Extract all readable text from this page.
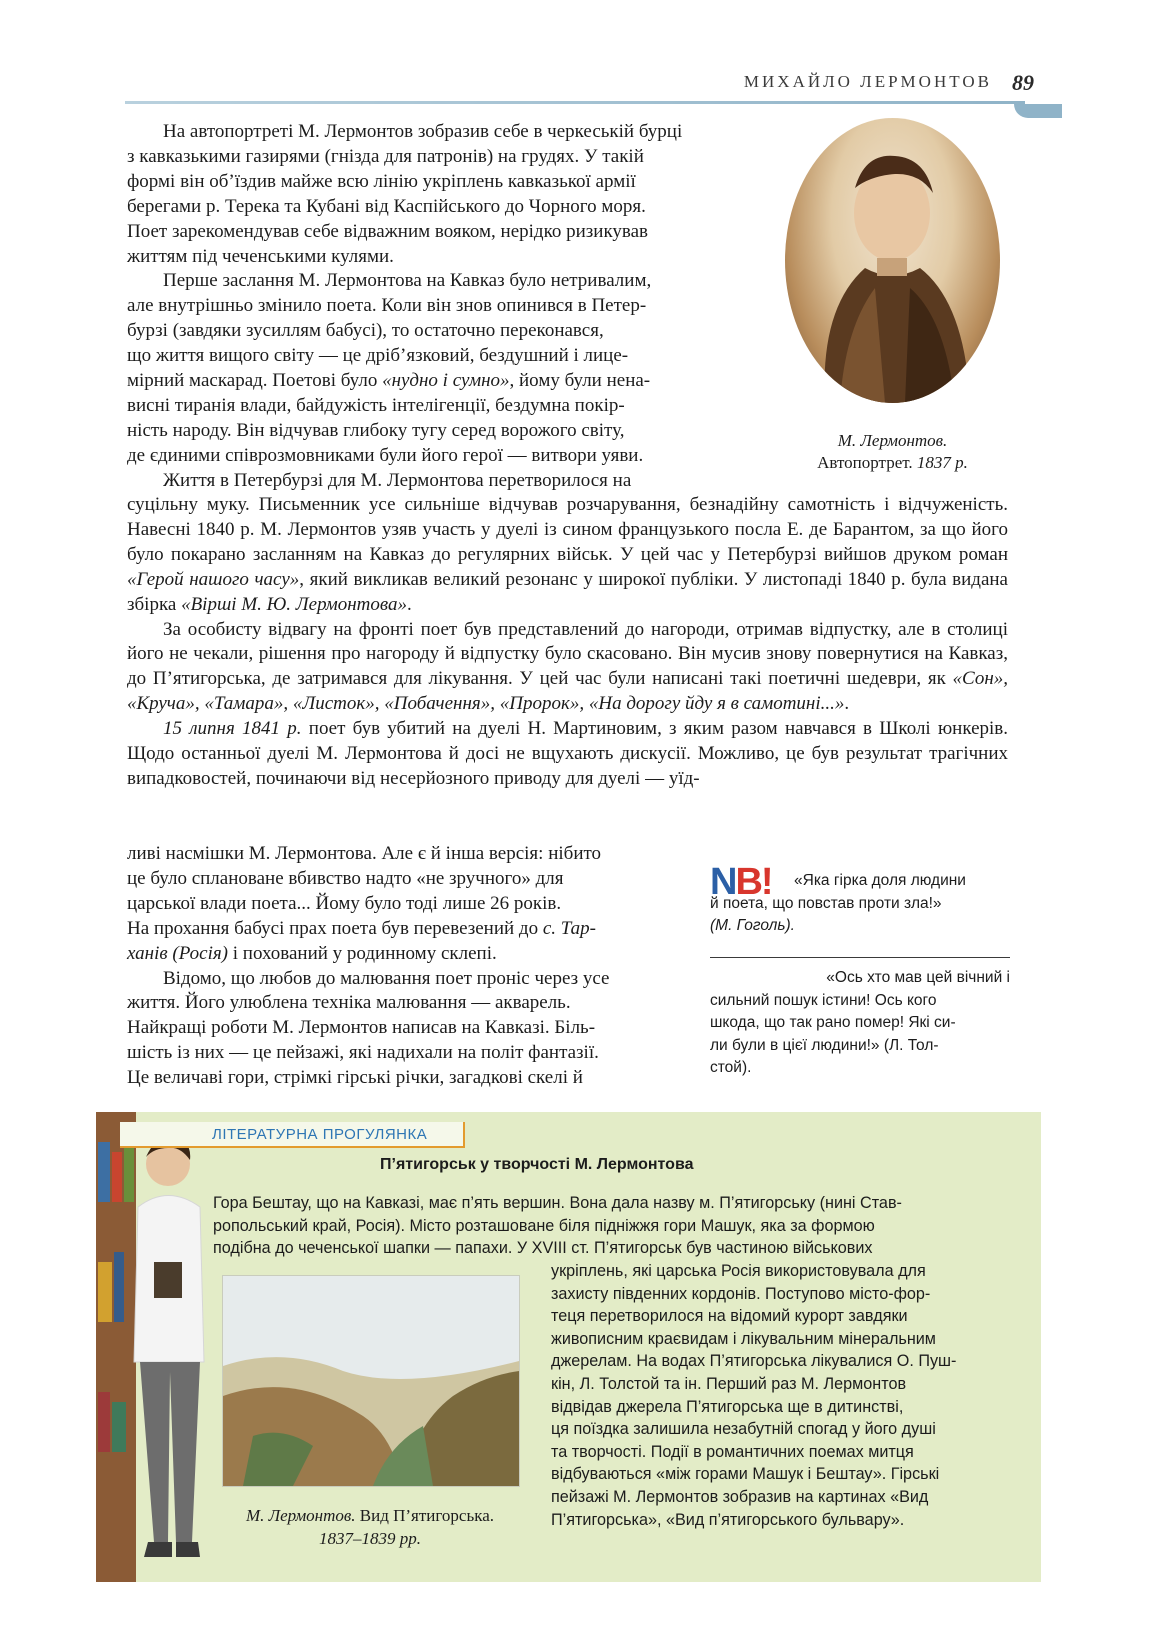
МИХАЙЛО ЛЕРМОНТОВ 89

На автопортреті М. Лермонтов зобразив себе в черкеській бурці

з кавказькими газирями (гнізда для патронів) на грудях. У такій
формі він об’їздив майже всю лінію укріплень кавказької армії
берегами р. Терека та Кубані від Каспійського до Чорного моря.
Поет зарекомендував себе відважним вояком, нерідко ризикував
життям під чеченськими кулями.

Перше заслання М. Лермонтова на Кавказ було нетривалим,

але внутрішньо змінило поета. Коли він знов опинився в Петер-
бурзі (завдяки зусиллям бабусі), то остаточно переконався,
що життя вищого світу — це дріб’язковий, бездушний і лице-
мірний маскарад. Поетові було «нудно і сумно», йому були нена-
висні тиранія влади, байдужість інтелігенції, бездумна покір-
ність народу. Він відчував глибоку тугу серед ворожого світу,
де єдиними співрозмовниками були його герої — витвори уяви.

Життя в Петербурзі для М. Лермонтова перетворилося на

М. Лермонтов.
Автопортрет. 1837 р.

суцільну муку. Письменник усе сильніше відчував розчарування, безнадійну самотність і відчуженість. Навесні 1840 р. М. Лермонтов узяв участь у дуелі із сином французького посла Е. де Барантом, за що його було покарано засланням на Кавказ до регулярних військ. У цей час у Петербурзі вийшов друком роман «Герой нашого часу», який викликав великий резонанс у широкої публіки. У листопаді 1840 р. була видана збірка «Вірші М. Ю. Лермонтова».

За особисту відвагу на фронті поет був представлений до нагороди, отримав відпустку, але в столиці його не чекали, рішення про нагороду й відпустку було скасовано. Він мусив знову повернутися на Кавказ, до П’ятигорська, де затримався для лікування. У цей час були написані такі поетичні шедеври, як «Сон», «Круча», «Тамара», «Листок», «Побачення», «Пророк», «На дорогу йду я в самотині...».

15 липня 1841 р. поет був убитий на дуелі Н. Мартиновим, з яким разом навчався в Школі юнкерів. Щодо останньої дуелі М. Лермонтова й досі не вщухають дискусії. Можливо, це був результат трагічних випадковостей, починаючи від несерйозного приводу для дуелі — уїд-

ливі насмішки М. Лермонтова. Але є й інша версія: нібито
це було сплановане вбивство надто «не зручного» для
царської влади поета... Йому було тоді лише 26 років.
На прохання бабусі прах поета був перевезений до с. Тар-
ханів (Росія) і похований у родинному склепі.

Відомо, що любов до малювання поет проніс через усе

життя. Його улюблена техніка малювання — акварель.
Найкращі роботи М. Лермонтов написав на Кавказі. Біль-
шість із них — це пейзажі, які надихали на політ фантазії.
Це величаві гори, стрімкі гірські річки, загадкові скелі й

NB!	«Яка гірка доля людини

й поета, що повстав проти зла!»
(М. Гоголь).

«Ось хто мав цей вічний і

сильний пошук істини! Ось кого
шкода, що так рано помер! Які си-
ли були в цієї людини!» (Л. Тол-
стой).

ЛІТЕРАТУРНА ПРОГУЛЯНКА
П’ятигорськ у творчості М. Лермонтова
Гора Бештау, що на Кавказі, має п’ять вершин. Вона дала назву м. П’ятигорську (нині Став-
ропольський край, Росія). Місто розташоване біля підніжжя гори Машук, яка за формою
подібна до чеченської шапки — папахи. У XVIII ст. П’ятигорськ був частиною військових
укріплень, які царська Росія використовувала для
захисту південних кордонів. Поступово місто-фор-
теця перетворилося на відомий курорт завдяки
живописним краєвидам і лікувальним мінеральним
джерелам. На водах П’ятигорська лікувалися О. Пуш-
кін, Л. Толстой та ін. Перший раз М. Лермонтов
відвідав джерела П’ятигорська ще в дитинстві,
ця поїздка залишила незабутній спогад у його душі
та творчості. Події в романтичних поемах митця
відбуваються «між горами Машук і Бештау». Гірські
пейзажі М. Лермонтов зобразив на картинах «Вид
П’ятигорська», «Вид п’ятигорського бульвару».
М. Лермонтов. Вид П’ятигорська.
1837–1839 рр.
